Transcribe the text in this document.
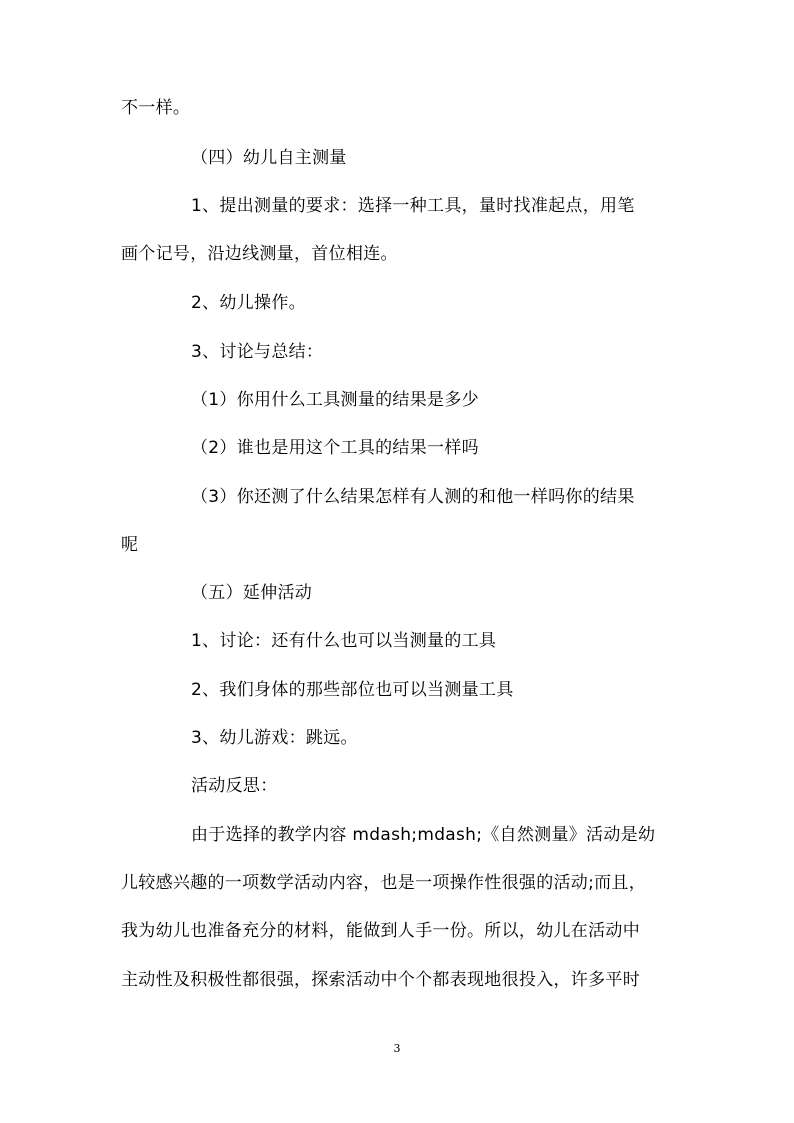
不一样。
（四）幼儿自主测量
1、提出测量的要求：选择一种工具，量时找准起点，用笔
画个记号，沿边线测量，首位相连。
2、幼儿操作。
3、讨论与总结：
（1）你用什么工具测量的结果是多少
（2）谁也是用这个工具的结果一样吗
（3）你还测了什么结果怎样有人测的和他一样吗你的结果
呢
（五）延伸活动
1、讨论：还有什么也可以当测量的工具
2、我们身体的那些部位也可以当测量工具
3、幼儿游戏：跳远。
活动反思：
由于选择的教学内容 mdash;mdash;《自然测量》活动是幼
儿较感兴趣的一项数学活动内容，也是一项操作性很强的活动;而且，
我为幼儿也准备充分的材料，能做到人手一份。所以，幼儿在活动中
主动性及积极性都很强，探索活动中个个都表现地很投入，许多平时
3
